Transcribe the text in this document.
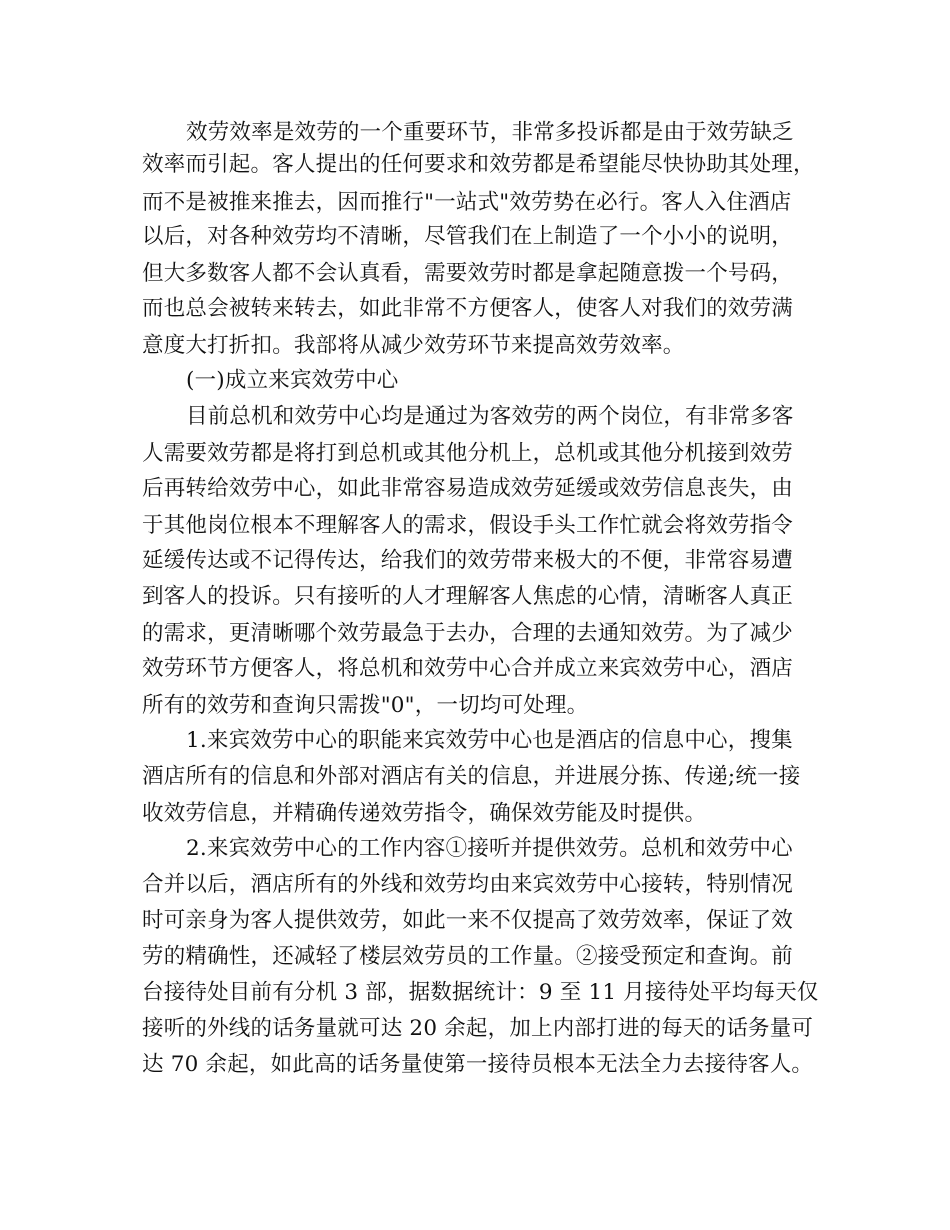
效劳效率是效劳的一个重要环节，非常多投诉都是由于效劳缺乏
效率而引起。客人提出的任何要求和效劳都是希望能尽快协助其处理，
而不是被推来推去，因而推行"一站式"效劳势在必行。客人入住酒店
以后，对各种效劳均不清晰，尽管我们在上制造了一个小小的说明，
但大多数客人都不会认真看，需要效劳时都是拿起随意拨一个号码，
而也总会被转来转去，如此非常不方便客人，使客人对我们的效劳满
意度大打折扣。我部将从减少效劳环节来提高效劳效率。
(一)成立来宾效劳中心
目前总机和效劳中心均是通过为客效劳的两个岗位，有非常多客
人需要效劳都是将打到总机或其他分机上，总机或其他分机接到效劳
后再转给效劳中心，如此非常容易造成效劳延缓或效劳信息丧失，由
于其他岗位根本不理解客人的需求，假设手头工作忙就会将效劳指令
延缓传达或不记得传达，给我们的效劳带来极大的不便，非常容易遭
到客人的投诉。只有接听的人才理解客人焦虑的心情，清晰客人真正
的需求，更清晰哪个效劳最急于去办，合理的去通知效劳。为了减少
效劳环节方便客人，将总机和效劳中心合并成立来宾效劳中心，酒店
所有的效劳和查询只需拨"0"，一切均可处理。
1.来宾效劳中心的职能来宾效劳中心也是酒店的信息中心，搜集
酒店所有的信息和外部对酒店有关的信息，并进展分拣、传递;统一接
收效劳信息，并精确传递效劳指令，确保效劳能及时提供。
2.来宾效劳中心的工作内容①接听并提供效劳。总机和效劳中心
合并以后，酒店所有的外线和效劳均由来宾效劳中心接转，特别情况
时可亲身为客人提供效劳，如此一来不仅提高了效劳效率，保证了效
劳的精确性，还减轻了楼层效劳员的工作量。②接受预定和查询。前
台接待处目前有分机 3 部，据数据统计：9 至 11 月接待处平均每天仅
接听的外线的话务量就可达 20 余起，加上内部打进的每天的话务量可
达 70 余起，如此高的话务量使第一接待员根本无法全力去接待客人。
